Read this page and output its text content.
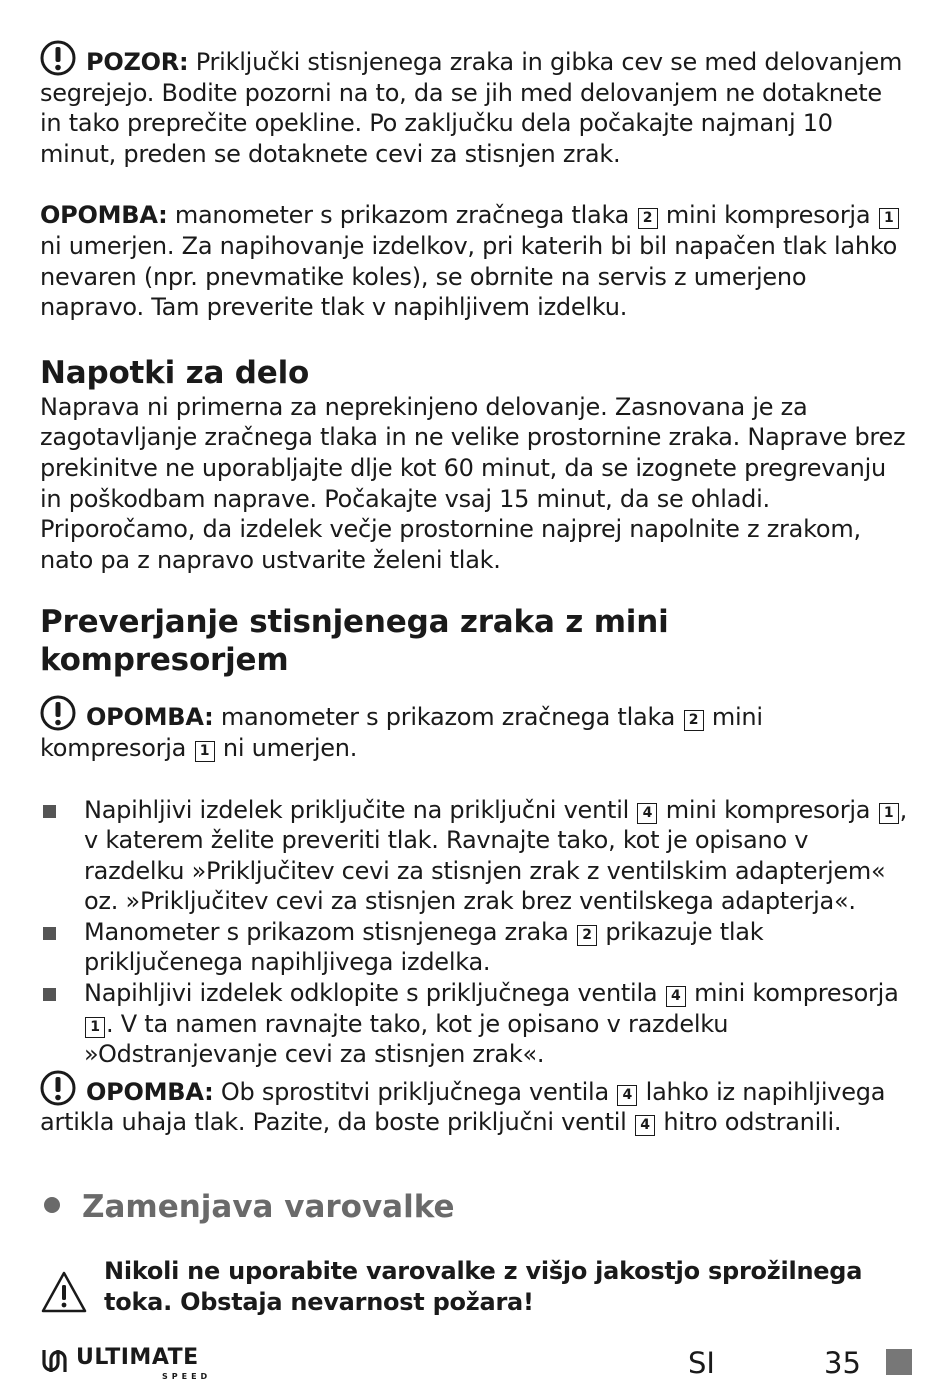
POZOR: Priključki stisnjenega zraka in gibka cev se med delovanjem segrejejo. Bodite pozorni na to, da se jih med delovanjem ne dotaknete in tako preprečite opekline. Po zaključku dela počakajte najmanj 10 minut, preden se dotaknete cevi za stisnjen zrak.

OPOMBA: manometer s prikazom zračnega tlaka 2 mini kompresorja 1 ni umerjen. Za napihovanje izdelkov, pri katerih bi bil napačen tlak lahko nevaren (npr. pnevmatike koles), se obrnite na servis z umerjeno napravo. Tam preverite tlak v napihljivem izdelku.

Napotki za delo

Naprava ni primerna za neprekinjeno delovanje. Zasnovana je za zagotavljanje zračnega tlaka in ne velike prostornine zraka. Naprave brez prekinitve ne uporabljajte dlje kot 60 minut, da se izognete pregrevanju in poškodbam naprave. Počakajte vsaj 15 minut, da se ohladi. Priporočamo, da izdelek večje prostornine najprej napolnite z zrakom, nato pa z napravo ustvarite želeni tlak.

Preverjanje stisnjenega zraka z mini kompresorjem

OPOMBA: manometer s prikazom zračnega tlaka 2 mini kompresorja 1 ni umerjen.

Napihljivi izdelek priključite na priključni ventil 4 mini kompresorja 1 , v katerem želite preveriti tlak. Ravnajte tako, kot je opisano v razdelku »Priključitev cevi za stisnjen zrak z ventilskim adapterjem« oz. »Priključitev cevi za stisnjen zrak brez ventilskega adapterja«.

Manometer s prikazom stisnjenega zraka 2 prikazuje tlak priključenega napihljivega izdelka.

Napihljivi izdelek odklopite s priključnega ventila 4 mini kompresorja 1 . V ta namen ravnajte tako, kot je opisano v razdelku »Odstranjevanje cevi za stisnjen zrak«.

OPOMBA: Ob sprostitvi priključnega ventila 4 lahko iz napihljivega artikla uhaja tlak. Pazite, da boste priključni ventil 4 hitro odstranili.

Zamenjava varovalke

Nikoli ne uporabite varovalke z višjo jakostjo sprožilnega toka. Obstaja nevarnost požara!

ULTIMATE
SPEED	SI	35
